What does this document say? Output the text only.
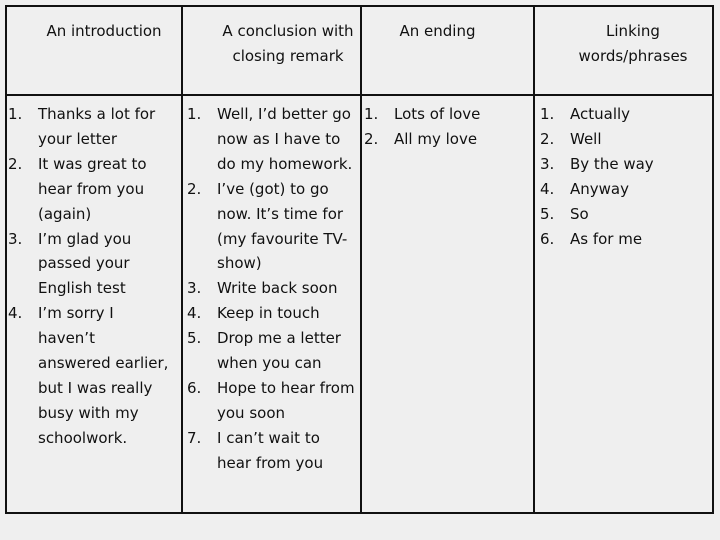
An introduction	A conclusion with
closing remark
An ending	Linking
words/phrases
1. Thanks a lot for your letter
2. It was great to hear from you (again)
3. I’m glad you passed your English test
4. I’m sorry I haven’t answered earlier, but I was really busy with my schoolwork.
1. Well, I’d better go now as I have to do my homework.
2. I’ve (got) to go now. It’s time for (my favourite TV-show)
3. Write back soon
4. Keep in touch
5. Drop me a letter when you can
6. Hope to hear from you soon
7. I can’t wait to hear from you
1. Lots of love
2. All my love
1. Actually
2. Well
3. By the way
4. Anyway
5. So
6. As for me
